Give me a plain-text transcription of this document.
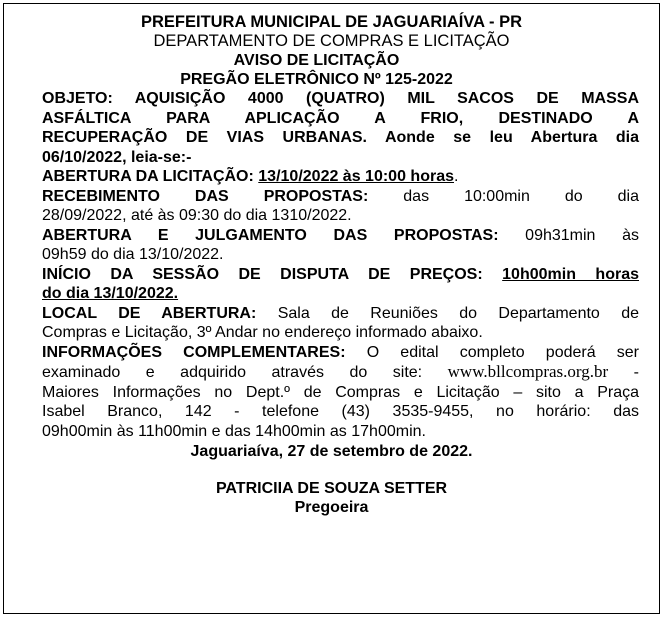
PREFEITURA MUNICIPAL DE JAGUARIAÍVA - PR
DEPARTAMENTO DE COMPRAS E LICITAÇÃO
AVISO DE LICITAÇÃO
PREGÃO ELETRÔNICO Nº 125-2022
OBJETO: AQUISIÇÃO 4000 (QUATRO) MIL SACOS DE MASSA
ASFÁLTICA PARA APLICAÇÃO A FRIO, DESTINADO A
RECUPERAÇÃO DE VIAS URBANAS. Aonde se leu Abertura dia
06/10/2022, leia-se:-
ABERTURA DA LICITAÇÃO: 13/10/2022 às 10:00 horas.
RECEBIMENTO DAS PROPOSTAS: das 10:00min do dia
28/09/2022, até às 09:30 do dia 1310/2022.
ABERTURA E JULGAMENTO DAS PROPOSTAS: 09h31min às
09h59 do dia 13/10/2022.
INÍCIO DA SESSÃO DE DISPUTA DE PREÇOS: 10h00min horas
do dia 13/10/2022.
LOCAL DE ABERTURA: Sala de Reuniões do Departamento de
Compras e Licitação, 3º Andar no endereço informado abaixo.
INFORMAÇÕES COMPLEMENTARES: O edital completo poderá ser
examinado e adquirido através do site: www.bllcompras.org.br -
Maiores Informações no Dept.º de Compras e Licitação – sito a Praça
Isabel Branco, 142 - telefone (43) 3535-9455, no horário: das
09h00min às 11h00min e das 14h00min as 17h00min.
Jaguariaíva, 27 de setembro de 2022.
PATRICIIA DE SOUZA SETTER
Pregoeira
